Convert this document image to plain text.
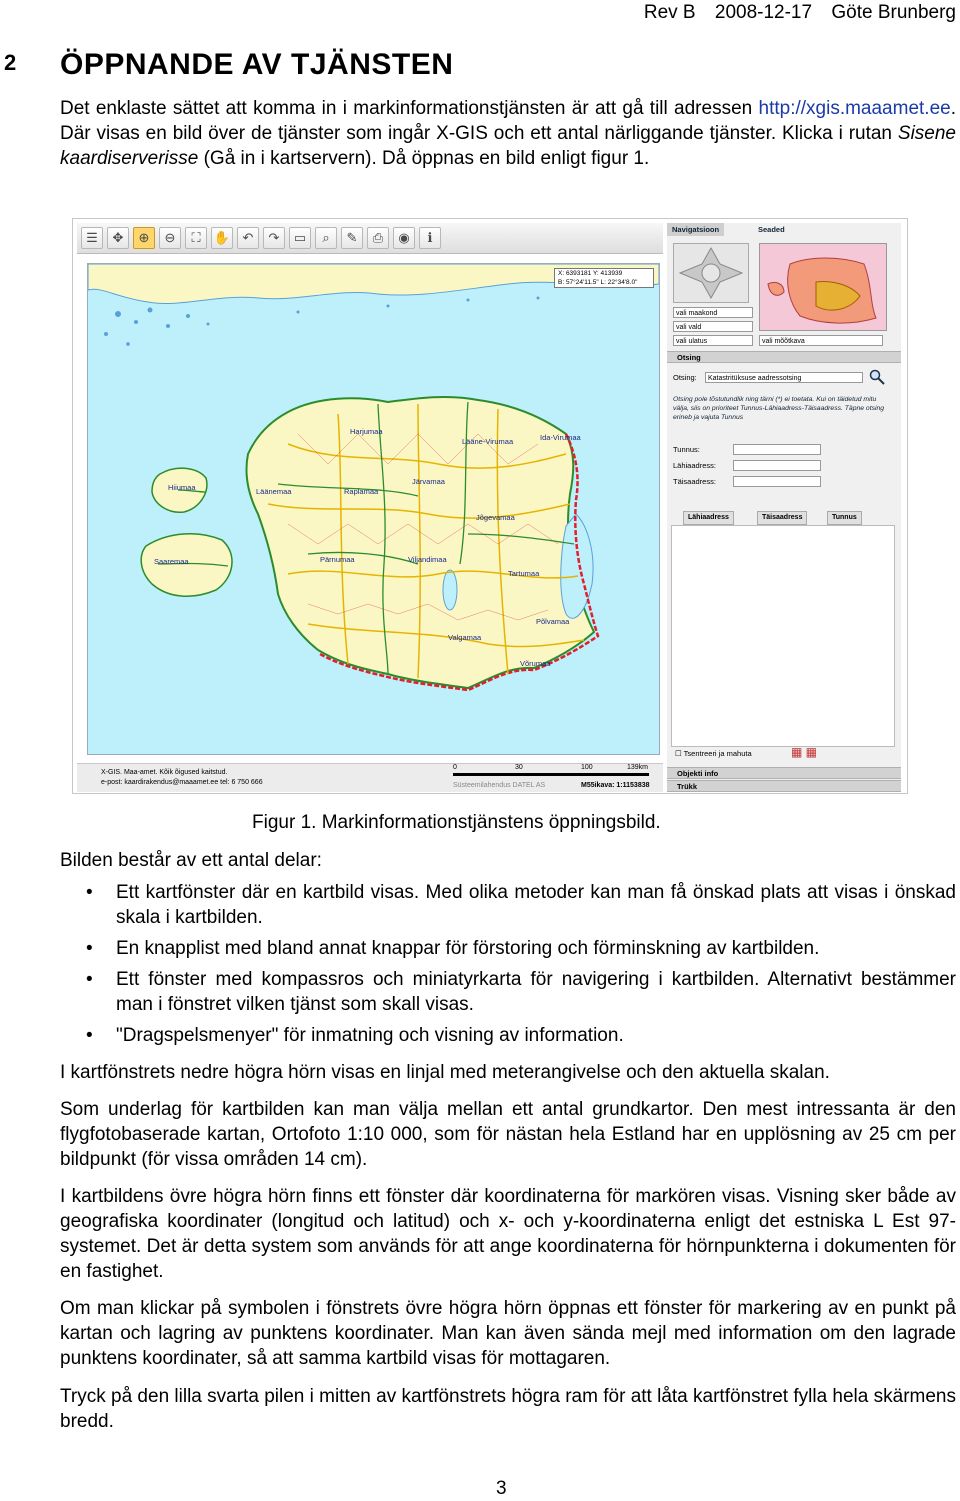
Rev B 2008-12-17 Göte Brunberg
2 ÖPPNANDE AV TJÄNSTEN
Det enklaste sättet att komma in i markinformationstjänsten är att gå till adressen http://xgis.maaamet.ee. Där visas en bild över de tjänster som ingår X-GIS och ett antal närliggande tjänster. Klicka i rutan Sisene kaardiserverisse (Gå in i kartservern). Då öppnas en bild enligt figur 1.
☰	✥	⊕	⊖	⛶	✋ ↶	↷	▭	⌕	✎	⎙	◉	ℹ
Harjumaa
Lääne-Virumaa	Ida-Virumaa
Hiiumaa	Läänemaa	Raplamaa
Järvamaa
Jõgevamaa
Saaremaa	Pärnumaa	Viljandimaa
Tartumaa
Põlvamaa
Valgamaa
Võrumaa
X: 6393181 Y: 413939
B: 57°24'11.5" L: 22°34'8.0"
X-GIS. Maa-amet. Kõik õigused kaitstud.
e-post: kaardirakendus@maaamet.ee tel: 6 750 666
0	30	100	139km
Süsteemilahendus DATEL AS	M55ikava: 1:1153838
Navigatsioon	Seaded
vali maakond
vali vald
vali ulatus	vali mõõtkava
Otsing
Otsing:	Katastritüksuse aadressotsing
Otsing pole tõstutundlik ning tärni (*) ei toetata. Kui on täidetud mitu välja, siis on prioriteet Tunnus-Lähiaadress-Täisaadress. Täpne otsing erineb ja vajuta Tunnus
Tunnus:
Lähiaadress:
Täisaadress:
Lähiaadress	Täisaadress	Tunnus
☐ Tsentreeri ja mahuta	▦ ▦
Objekti info
Trükk
Figur 1. Markinformationstjänstens öppningsbild.
Bilden består av ett antal delar:
• Ett kartfönster där en kartbild visas. Med olika metoder kan man få önskad plats att visas i önskad skala i kartbilden.
• En knapplist med bland annat knappar för förstoring och förminskning av kartbilden.
• Ett fönster med kompassros och miniatyrkarta för navigering i kartbilden. Alternativt bestämmer man i fönstret vilken tjänst som skall visas.
• "Dragspelsmenyer" för inmatning och visning av information.
I kartfönstrets nedre högra hörn visas en linjal med meterangivelse och den aktuella skalan.
Som underlag för kartbilden kan man välja mellan ett antal grundkartor. Den mest intressanta är den flygfotobaserade kartan, Ortofoto 1:10 000, som för nästan hela Estland har en upplösning av 25 cm per bildpunkt (för vissa områden 14 cm).
I kartbildens övre högra hörn finns ett fönster där koordinaterna för markören visas. Visning sker både av geografiska koordinater (longitud och latitud) och x- och y-koordinaterna enligt det estniska L Est 97-systemet. Det är detta system som används för att ange koordinaterna för hörnpunkterna i dokumenten för en fastighet.
Om man klickar på symbolen i fönstrets övre högra hörn öppnas ett fönster för markering av en punkt på kartan och lagring av punktens koordinater. Man kan även sända mejl med information om den lagrade punktens koordinater, så att samma kartbild visas för mottagaren.
Tryck på den lilla svarta pilen i mitten av kartfönstrets högra ram för att låta kartfönstret fylla hela skärmens bredd.
3
